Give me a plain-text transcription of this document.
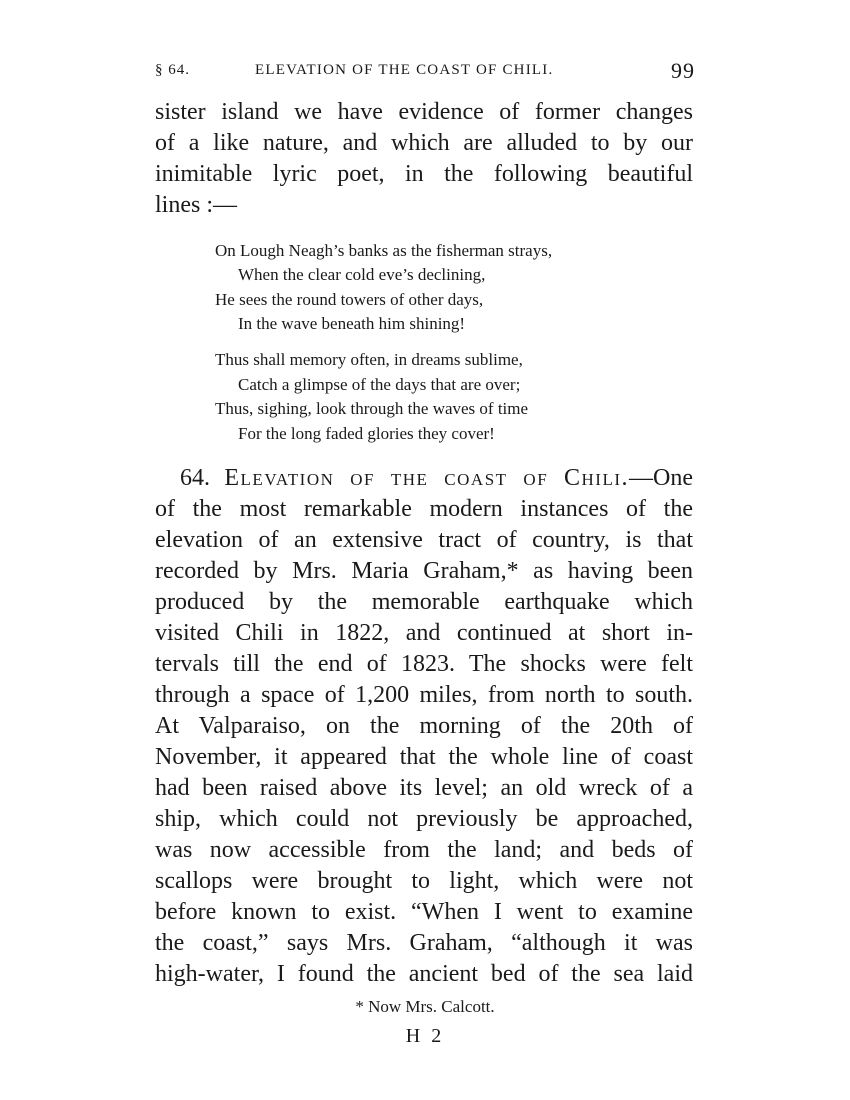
§ 64.	ELEVATION OF THE COAST OF CHILI.	99
sister island we have evidence of former changes
of a like nature, and which are alluded to by our
inimitable lyric poet, in the following beautiful
lines :—
On Lough Neagh’s banks as the fisherman strays,
When the clear cold eve’s declining,
He sees the round towers of other days,
In the wave beneath him shining!
Thus shall memory often, in dreams sublime,
Catch a glimpse of the days that are over;
Thus, sighing, look through the waves of time
For the long faded glories they cover!
64. Elevation of the coast of Chili.—One
of the most remarkable modern instances of the
elevation of an extensive tract of country, is that
recorded by Mrs. Maria Graham,* as having been
produced by the memorable earthquake which
visited Chili in 1822, and continued at short in-
tervals till the end of 1823. The shocks were felt
through a space of 1,200 miles, from north to south.
At Valparaiso, on the morning of the 20th of
November, it appeared that the whole line of coast
had been raised above its level; an old wreck of a
ship, which could not previously be approached,
was now accessible from the land; and beds of
scallops were brought to light, which were not
before known to exist. “When I went to examine
the coast,” says Mrs. Graham, “although it was
high-water, I found the ancient bed of the sea laid
* Now Mrs. Calcott.
H 2
